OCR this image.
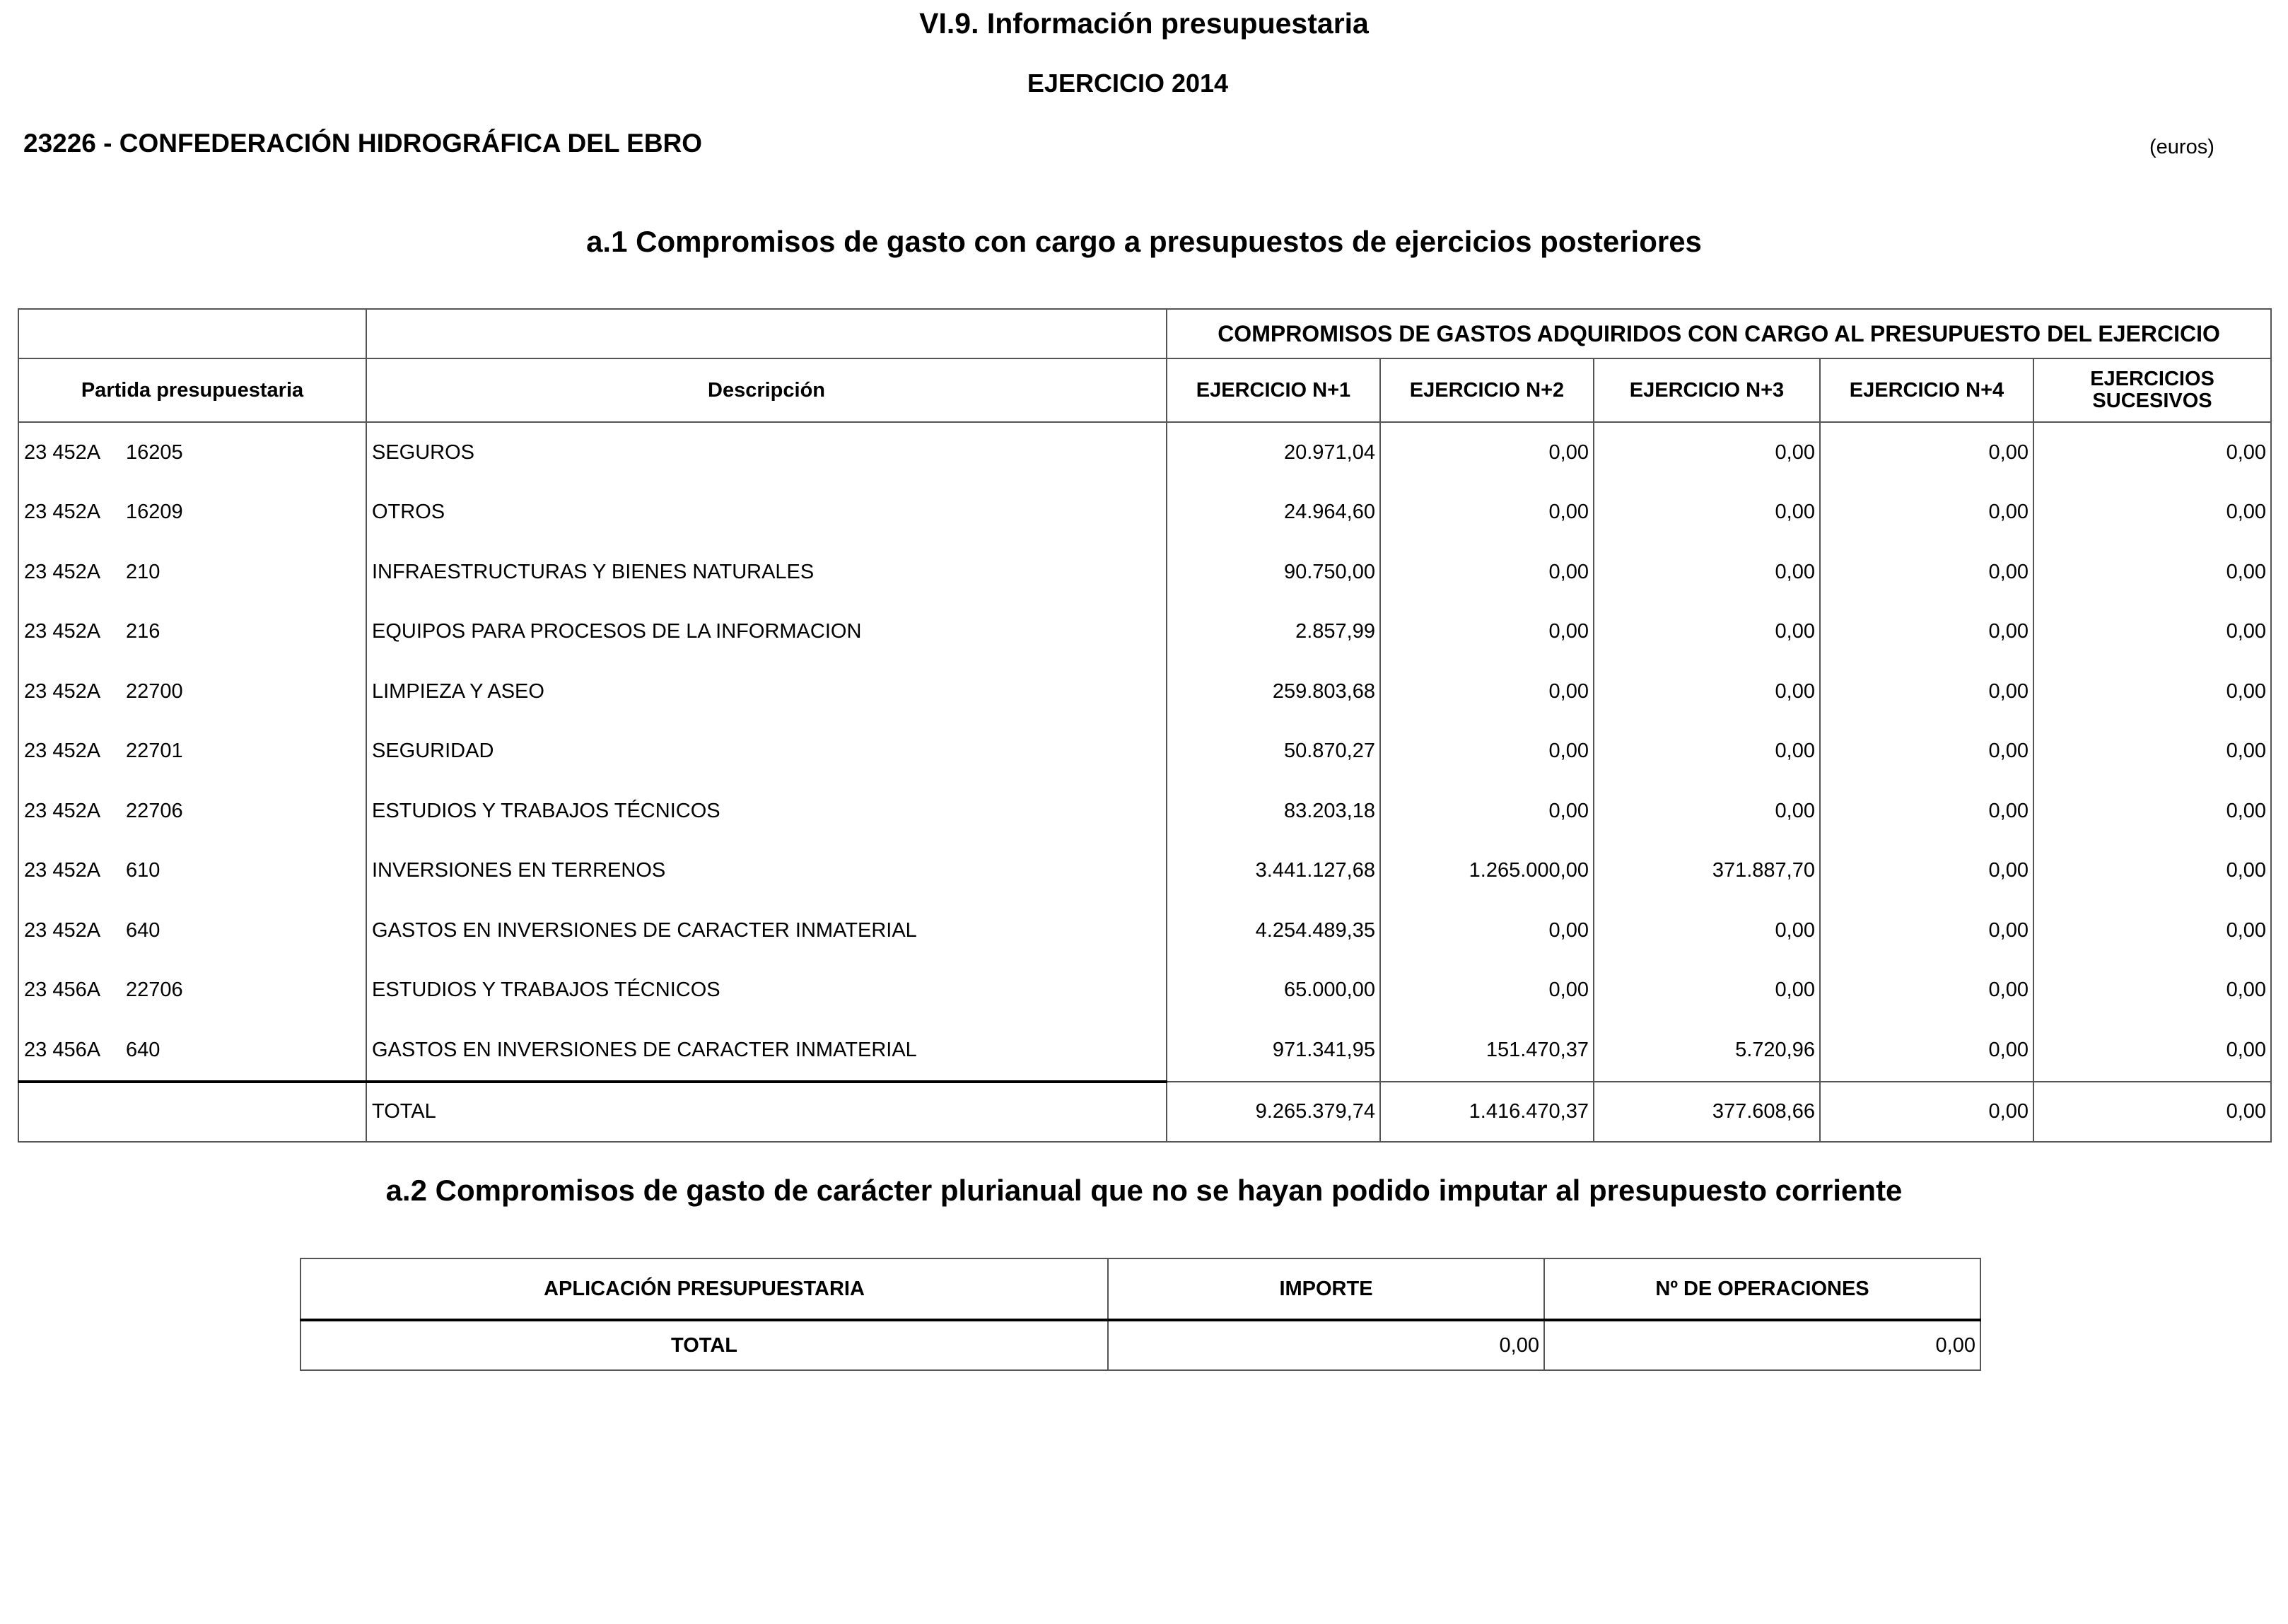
VI.9. Información presupuestaria
EJERCICIO 2014
23226 - CONFEDERACIÓN HIDROGRÁFICA DEL EBRO	(euros)
a.1 Compromisos de gasto con cargo a presupuestos de ejercicios posteriores
		COMPROMISOS DE GASTOS ADQUIRIDOS CON CARGO AL PRESUPUESTO DEL EJERCICIO				
Partida presupuestaria	Descripción	EJERCICIO N+1	EJERCICIO N+2	EJERCICIO N+3	EJERCICIO N+4	EJERCICIOS
SUCESIVOS
23 452A 16205	SEGUROS	20.971,04	0,00	0,00	0,00	0,00
23 452A 16209	OTROS	24.964,60	0,00	0,00	0,00	0,00
23 452A 210	INFRAESTRUCTURAS Y BIENES NATURALES	90.750,00	0,00	0,00	0,00	0,00
23 452A 216	EQUIPOS PARA PROCESOS DE LA INFORMACION	2.857,99	0,00	0,00	0,00	0,00
23 452A 22700	LIMPIEZA Y ASEO	259.803,68	0,00	0,00	0,00	0,00
23 452A 22701	SEGURIDAD	50.870,27	0,00	0,00	0,00	0,00
23 452A 22706	ESTUDIOS Y TRABAJOS TÉCNICOS	83.203,18	0,00	0,00	0,00	0,00
23 452A 610	INVERSIONES EN TERRENOS	3.441.127,68	1.265.000,00	371.887,70	0,00	0,00
23 452A 640	GASTOS EN INVERSIONES DE CARACTER INMATERIAL	4.254.489,35	0,00	0,00	0,00	0,00
23 456A 22706	ESTUDIOS Y TRABAJOS TÉCNICOS	65.000,00	0,00	0,00	0,00	0,00
23 456A 640	GASTOS EN INVERSIONES DE CARACTER INMATERIAL	971.341,95	151.470,37	5.720,96	0,00	0,00
	TOTAL	9.265.379,74	1.416.470,37	377.608,66	0,00	0,00
a.2 Compromisos de gasto de carácter plurianual que no se hayan podido imputar al presupuesto corriente
APLICACIÓN PRESUPUESTARIA	IMPORTE	Nº DE OPERACIONES
TOTAL	0,00	0,00
